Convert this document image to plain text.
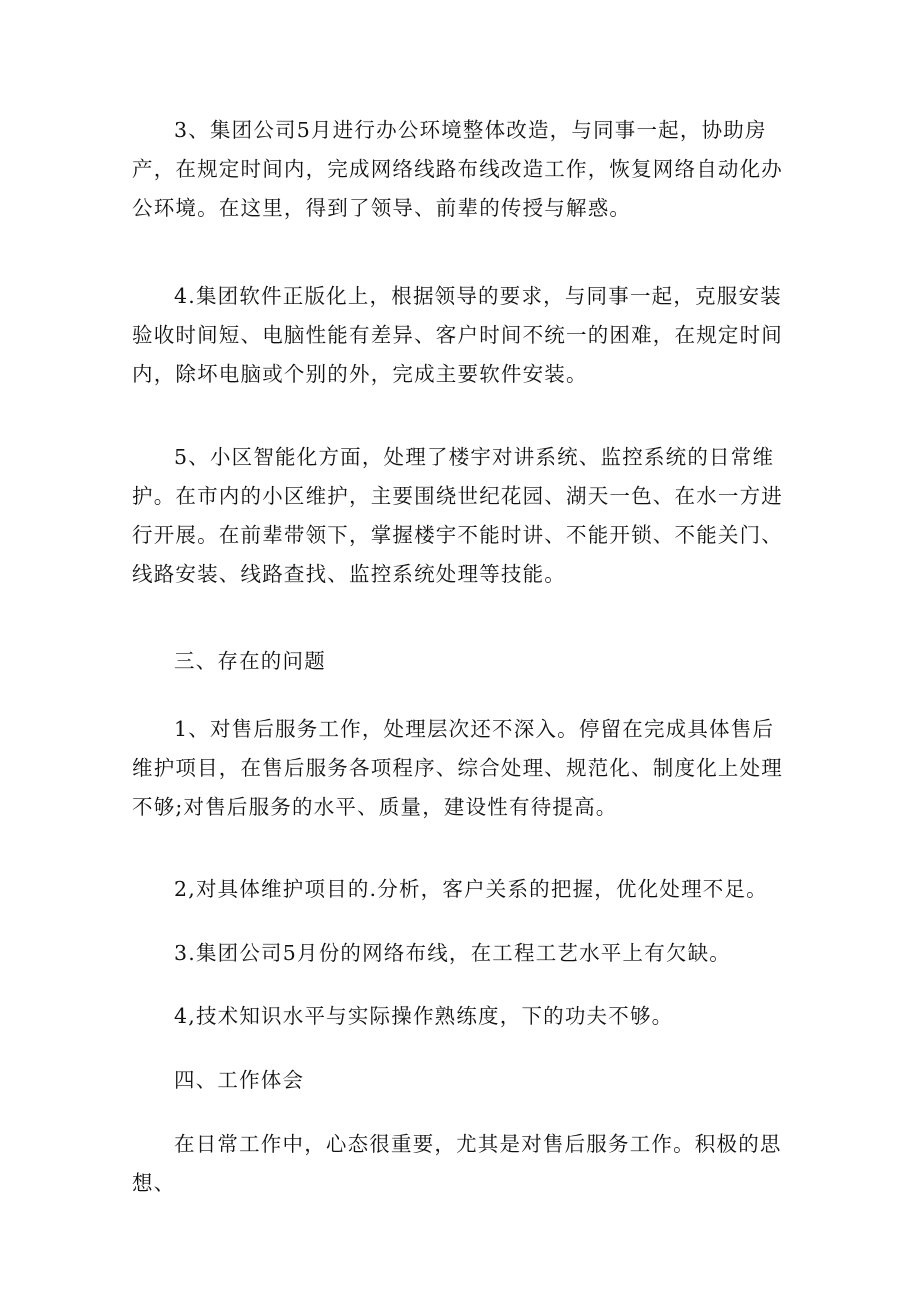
3、集团公司5月进行办公环境整体改造，与同事一起，协助房产，在规定时间内，完成网络线路布线改造工作，恢复网络自动化办公环境。在这里，得到了领导、前辈的传授与解惑。

4.集团软件正版化上，根据领导的要求，与同事一起，克服安装验收时间短、电脑性能有差异、客户时间不统一的困难，在规定时间内，除坏电脑或个别的外，完成主要软件安装。

5、小区智能化方面，处理了楼宇对讲系统、监控系统的日常维护。在市内的小区维护，主要围绕世纪花园、湖天一色、在水一方进行开展。在前辈带领下，掌握楼宇不能时讲、不能开锁、不能关门、线路安装、线路查找、监控系统处理等技能。

三、存在的问题

1、对售后服务工作，处理层次还不深入。停留在完成具体售后维护项目，在售后服务各项程序、综合处理、规范化、制度化上处理不够;对售后服务的水平、质量，建设性有待提高。

2,对具体维护项目的.分析，客户关系的把握，优化处理不足。

3.集团公司5月份的网络布线，在工程工艺水平上有欠缺。

4,技术知识水平与实际操作熟练度，下的功夫不够。

四、工作体会

在日常工作中，心态很重要，尤其是对售后服务工作。积极的思想、
